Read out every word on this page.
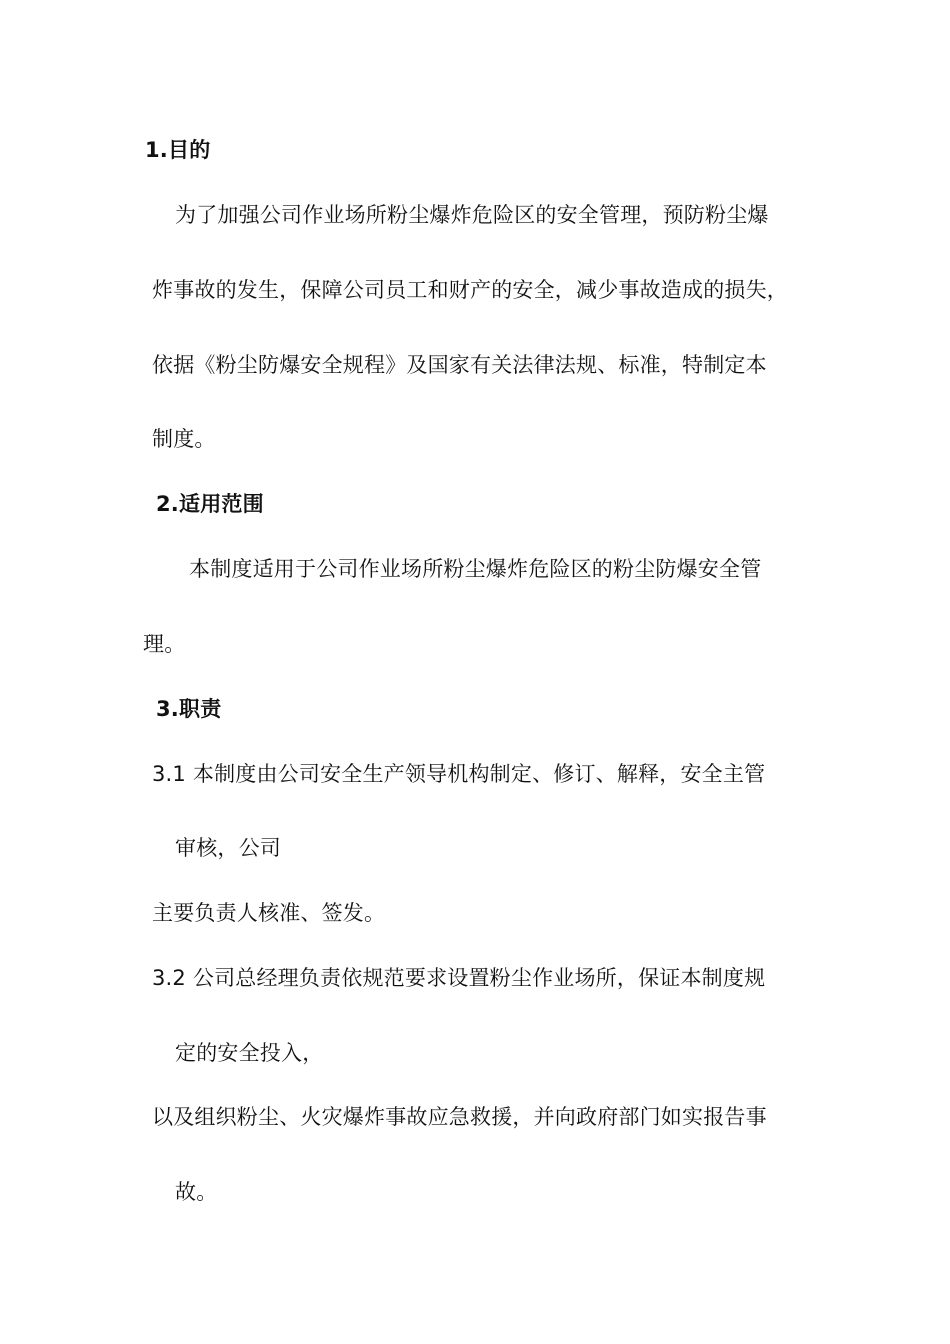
1.目的
为了加强公司作业场所粉尘爆炸危险区的安全管理，预防粉尘爆
炸事故的发生，保障公司员工和财产的安全，减少事故造成的损失，
依据《粉尘防爆安全规程》及国家有关法律法规、标准，特制定本
制度。
2.适用范围
本制度适用于公司作业场所粉尘爆炸危险区的粉尘防爆安全管
理。
3.职责
3.1 本制度由公司安全生产领导机构制定、修订、解释，安全主管
审核，公司
主要负责人核准、签发。
3.2 公司总经理负责依规范要求设置粉尘作业场所，保证本制度规
定的安全投入，
以及组织粉尘、火灾爆炸事故应急救援，并向政府部门如实报告事
故。
